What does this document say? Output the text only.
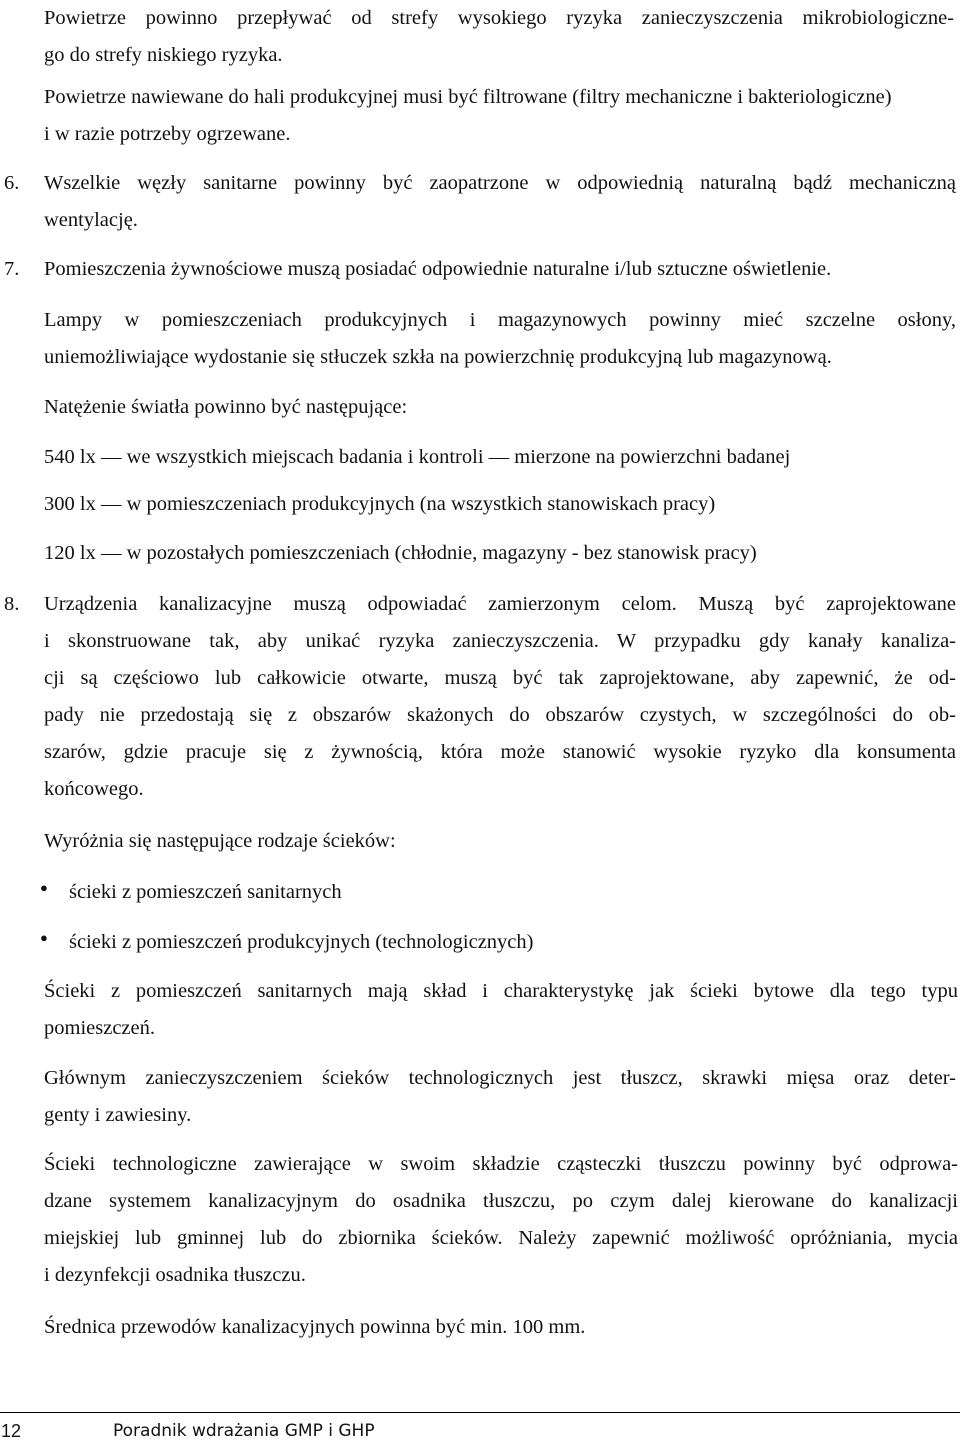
Powietrze powinno przepływać od strefy wysokiego ryzyka zanieczyszczenia mikrobiologiczne-
go do strefy niskiego ryzyka.
Powietrze nawiewane do hali produkcyjnej musi być filtrowane (filtry mechaniczne i bakteriologiczne)
i w razie potrzeby ogrzewane.
6.	Wszelkie węzły sanitarne powinny być zaopatrzone w odpowiednią naturalną bądź mechaniczną
wentylację.
7.	Pomieszczenia żywnościowe muszą posiadać odpowiednie naturalne i/lub sztuczne oświetlenie.
Lampy w pomieszczeniach produkcyjnych i magazynowych powinny mieć szczelne osłony,
uniemożliwiające wydostanie się stłuczek szkła na powierzchnię produkcyjną lub magazynową.
Natężenie światła powinno być następujące:
540 lx — we wszystkich miejscach badania i kontroli — mierzone na powierzchni badanej
300 lx — w pomieszczeniach produkcyjnych (na wszystkich stanowiskach pracy)
120 lx — w pozostałych pomieszczeniach (chłodnie, magazyny - bez stanowisk pracy)
8.	Urządzenia kanalizacyjne muszą odpowiadać zamierzonym celom. Muszą być zaprojektowane
i skonstruowane tak, aby unikać ryzyka zanieczyszczenia. W przypadku gdy kanały kanaliza-
cji są częściowo lub całkowicie otwarte, muszą być tak zaprojektowane, aby zapewnić, że od-
pady nie przedostają się z obszarów skażonych do obszarów czystych, w szczególności do ob-
szarów, gdzie pracuje się z żywnością, która może stanowić wysokie ryzyko dla konsumenta
końcowego.
Wyróżnia się następujące rodzaje ścieków:
● ścieki z pomieszczeń sanitarnych
● ścieki z pomieszczeń produkcyjnych (technologicznych)
Ścieki z pomieszczeń sanitarnych mają skład i charakterystykę jak ścieki bytowe dla tego typu
pomieszczeń.
Głównym zanieczyszczeniem ścieków technologicznych jest tłuszcz, skrawki mięsa oraz deter-
genty i zawiesiny.
Ścieki technologiczne zawierające w swoim składzie cząsteczki tłuszczu powinny być odprowa-
dzane systemem kanalizacyjnym do osadnika tłuszczu, po czym dalej kierowane do kanalizacji
miejskiej lub gminnej lub do zbiornika ścieków. Należy zapewnić możliwość opróżniania, mycia
i dezynfekcji osadnika tłuszczu.
Średnica przewodów kanalizacyjnych powinna być min. 100 mm.
12	Poradnik wdrażania GMP i GHP
